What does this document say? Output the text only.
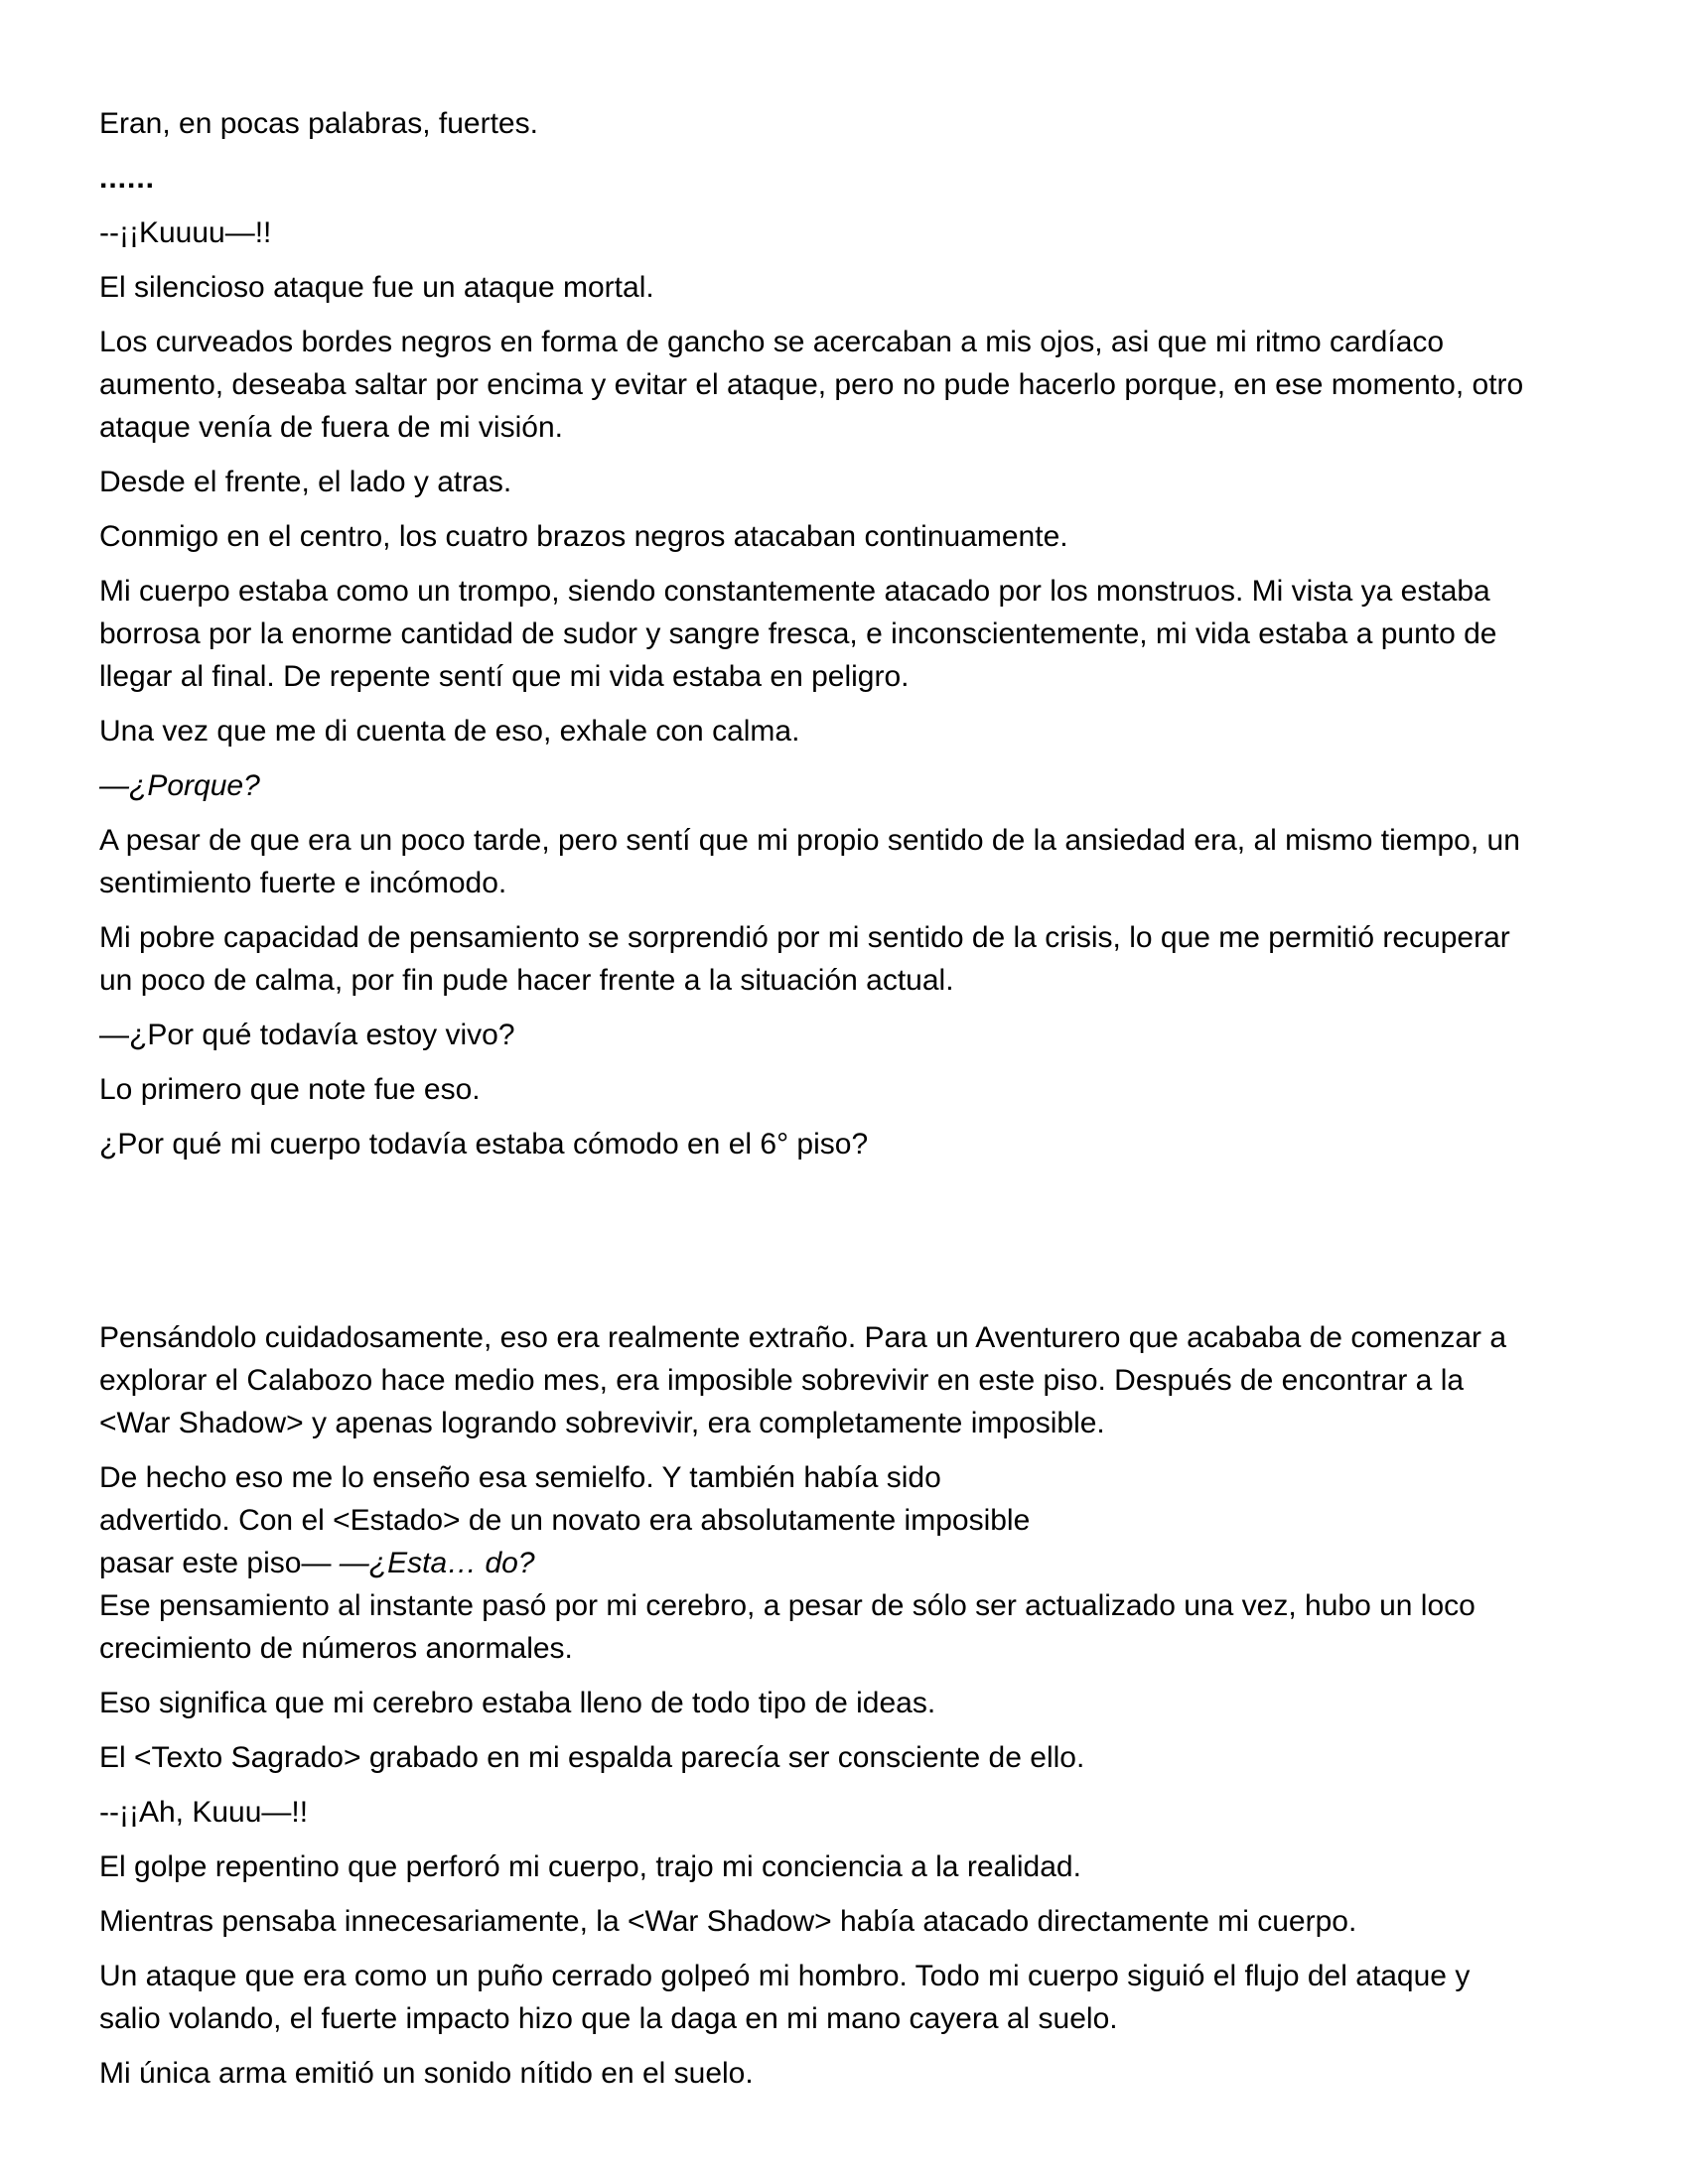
Eran, en pocas palabras, fuertes.

......

--¡¡Kuuuu—!!

El silencioso ataque fue un ataque mortal.

Los curveados bordes negros en forma de gancho se acercaban a mis ojos, asi que mi ritmo cardíaco aumento, deseaba saltar por encima y evitar el ataque, pero no pude hacerlo porque, en ese momento, otro ataque venía de fuera de mi visión.

Desde el frente, el lado y atras.

Conmigo en el centro, los cuatro brazos negros atacaban continuamente.

Mi cuerpo estaba como un trompo, siendo constantemente atacado por los monstruos. Mi vista ya estaba borrosa por la enorme cantidad de sudor y sangre fresca, e inconscientemente, mi vida estaba a punto de llegar al final. De repente sentí que mi vida estaba en peligro.

Una vez que me di cuenta de eso, exhale con calma.

—¿Porque?

A pesar de que era un poco tarde, pero sentí que mi propio sentido de la ansiedad era, al mismo tiempo, un sentimiento fuerte e incómodo.

Mi pobre capacidad de pensamiento se sorprendió por mi sentido de la crisis, lo que me permitió recuperar un poco de calma, por fin pude hacer frente a la situación actual.

—¿Por qué todavía estoy vivo?

Lo primero que note fue eso.

¿Por qué mi cuerpo todavía estaba cómodo en el 6° piso?

Pensándolo cuidadosamente, eso era realmente extraño. Para un Aventurero que acababa de comenzar a explorar el Calabozo hace medio mes, era imposible sobrevivir en este piso. Después de encontrar a la <War Shadow> y apenas logrando sobrevivir, era completamente imposible.

De hecho eso me lo enseño esa semielfo. Y también había sido
advertido. Con el <Estado> de un novato era absolutamente imposible
pasar este piso— —¿Esta… do?
Ese pensamiento al instante pasó por mi cerebro, a pesar de sólo ser actualizado una vez, hubo un loco crecimiento de números anormales.

Eso significa que mi cerebro estaba lleno de todo tipo de ideas.

El <Texto Sagrado> grabado en mi espalda parecía ser consciente de ello.

--¡¡Ah, Kuuu—!!

El golpe repentino que perforó mi cuerpo, trajo mi conciencia a la realidad.

Mientras pensaba innecesariamente, la <War Shadow> había atacado directamente mi cuerpo.

Un ataque que era como un puño cerrado golpeó mi hombro. Todo mi cuerpo siguió el flujo del ataque y salio volando, el fuerte impacto hizo que la daga en mi mano cayera al suelo.

Mi única arma emitió un sonido nítido en el suelo.
